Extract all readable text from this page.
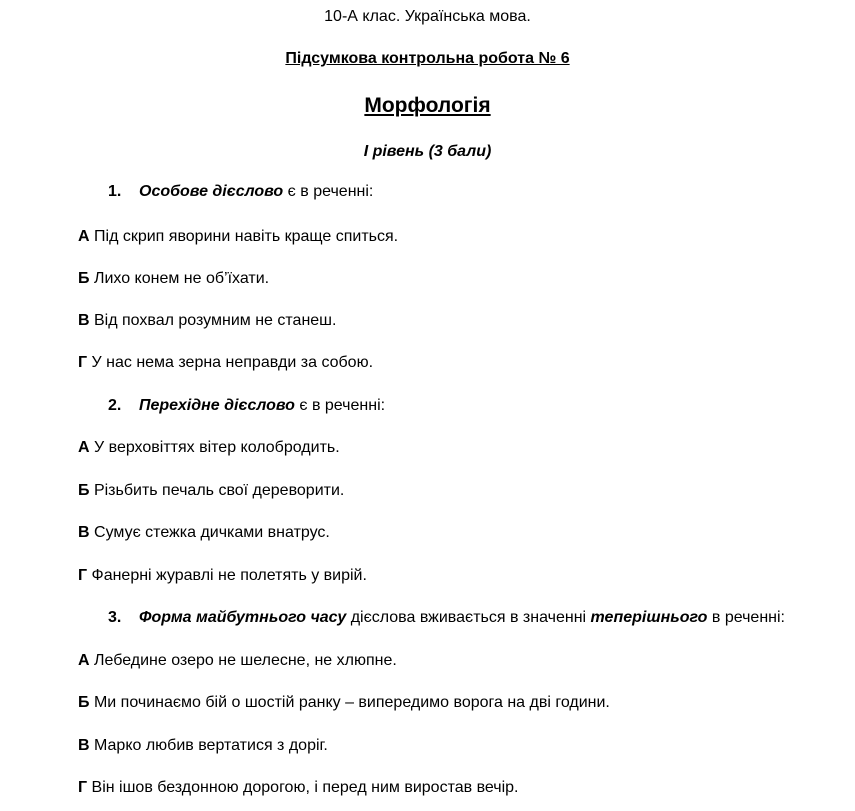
10-А клас. Українська мова.
Підсумкова контрольна робота № 6
Морфологія
І рівень (3 бали)
1. Особове дієслово є в реченні:
А Під скрип яворини навіть краще спиться.
Б Лихо конем не об’їхати.
В Від похвал розумним не станеш.
Г У нас нема зерна неправди за собою.
2. Перехідне дієслово є в реченні:
А У верховіттях вітер колобродить.
Б Різьбить печаль свої дереворити.
В Сумує стежка дичками внатрус.
Г Фанерні журавлі не полетять у вирій.
3. Форма майбутнього часу дієслова вживається в значенні теперішнього в реченні:
А Лебедине озеро не шелесне, не хлюпне.
Б Ми починаємо бій о шостій ранку – випередимо ворога на дві години.
В Марко любив вертатися з доріг.
Г Він ішов бездонною дорогою, і перед ним виростав вечір.
